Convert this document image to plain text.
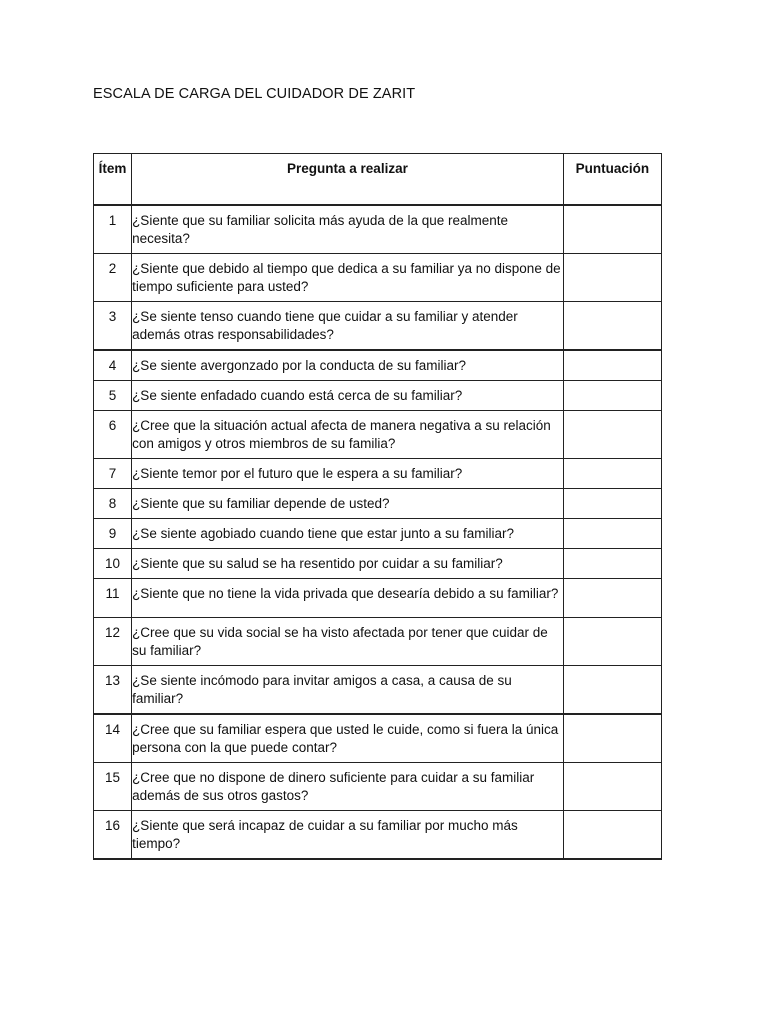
ESCALA DE CARGA DEL CUIDADOR DE ZARIT
Ítem	Pregunta a realizar	Puntuación
1	¿Siente que su familiar solicita más ayuda de la que realmente necesita?	
2	¿Siente que debido al tiempo que dedica a su familiar ya no dispone de tiempo suficiente para usted?	
3	¿Se siente tenso cuando tiene que cuidar a su familiar y atender además otras responsabilidades?	
4	¿Se siente avergonzado por la conducta de su familiar?	
5	¿Se siente enfadado cuando está cerca de su familiar?	
6	¿Cree que la situación actual afecta de manera negativa a su relación con amigos y otros miembros de su familia?	
7	¿Siente temor por el futuro que le espera a su familiar?	
8	¿Siente que su familiar depende de usted?	
9	¿Se siente agobiado cuando tiene que estar junto a su familiar?	
10	¿Siente que su salud se ha resentido por cuidar a su familiar?	
11	¿Siente que no tiene la vida privada que desearía debido a su familiar?	
12	¿Cree que su vida social se ha visto afectada por tener que cuidar de su familiar?	
13	¿Se siente incómodo para invitar amigos a casa, a causa de su familiar?	
14	¿Cree que su familiar espera que usted le cuide, como si fuera la única persona con la que puede contar?	
15	¿Cree que no dispone de dinero suficiente para cuidar a su familiar además de sus otros gastos?	
16	¿Siente que será incapaz de cuidar a su familiar por mucho más tiempo?	
